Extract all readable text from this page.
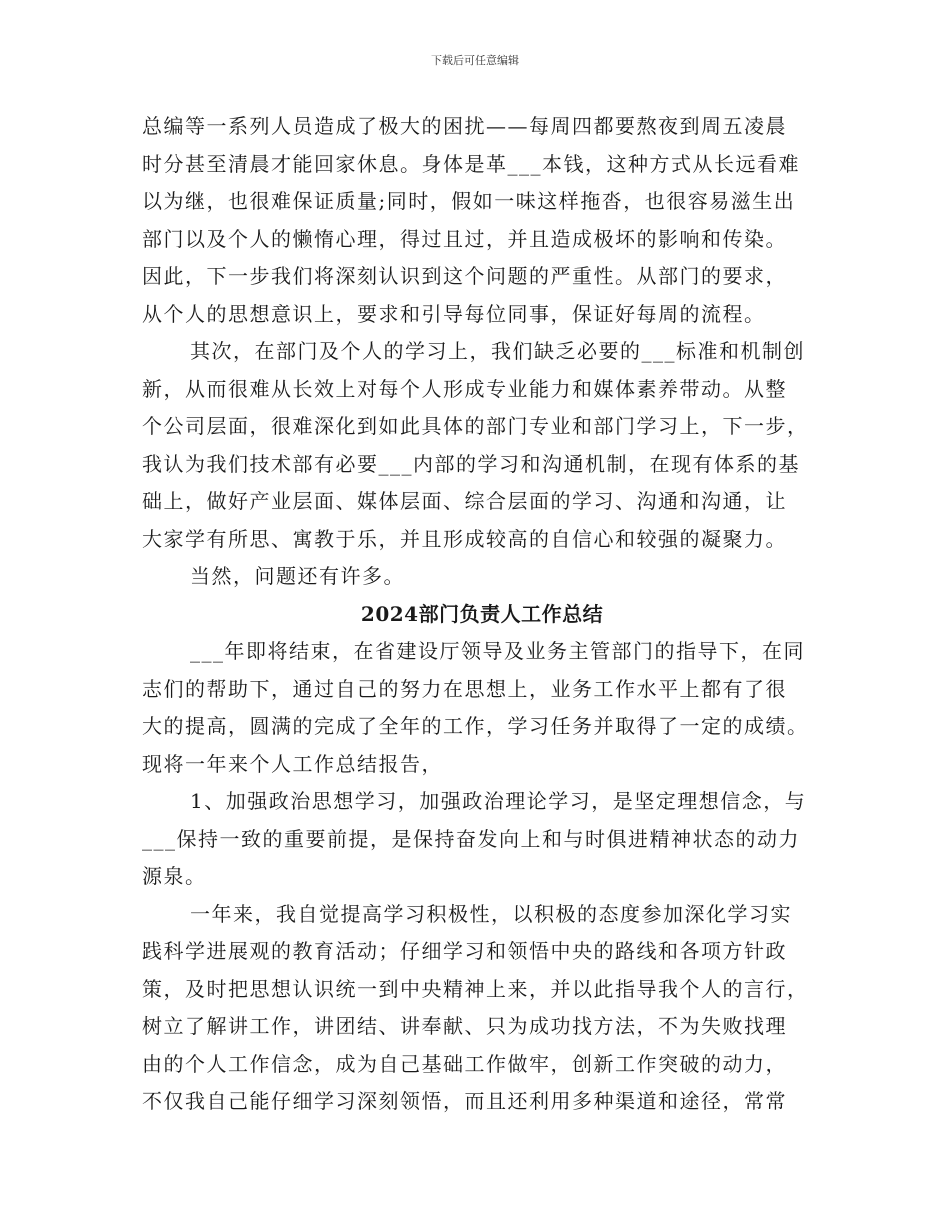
下载后可任意编辑
总编等一系列人员造成了极大的困扰——每周四都要熬夜到周五凌晨
时分甚至清晨才能回家休息。身体是革___本钱，这种方式从长远看难
以为继，也很难保证质量;同时，假如一味这样拖沓，也很容易滋生出
部门以及个人的懒惰心理，得过且过，并且造成极坏的影响和传染。
因此，下一步我们将深刻认识到这个问题的严重性。从部门的要求，
从个人的思想意识上，要求和引导每位同事，保证好每周的流程。
其次，在部门及个人的学习上，我们缺乏必要的___标准和机制创
新，从而很难从长效上对每个人形成专业能力和媒体素养带动。从整
个公司层面，很难深化到如此具体的部门专业和部门学习上，下一步，
我认为我们技术部有必要___内部的学习和沟通机制，在现有体系的基
础上，做好产业层面、媒体层面、综合层面的学习、沟通和沟通，让
大家学有所思、寓教于乐，并且形成较高的自信心和较强的凝聚力。
当然，问题还有许多。
2024部门负责人工作总结
___年即将结束，在省建设厅领导及业务主管部门的指导下，在同
志们的帮助下，通过自己的努力在思想上，业务工作水平上都有了很
大的提高，圆满的完成了全年的工作，学习任务并取得了一定的成绩。
现将一年来个人工作总结报告，
1、加强政治思想学习，加强政治理论学习，是坚定理想信念，与
___保持一致的重要前提，是保持奋发向上和与时俱进精神状态的动力
源泉。
一年来，我自觉提高学习积极性，以积极的态度参加深化学习实
践科学进展观的教育活动；仔细学习和领悟中央的路线和各项方针政
策，及时把思想认识统一到中央精神上来，并以此指导我个人的言行，
树立了解讲工作，讲团结、讲奉献、只为成功找方法，不为失败找理
由的个人工作信念，成为自己基础工作做牢，创新工作突破的动力，
不仅我自己能仔细学习深刻领悟，而且还利用多种渠道和途径，常常
